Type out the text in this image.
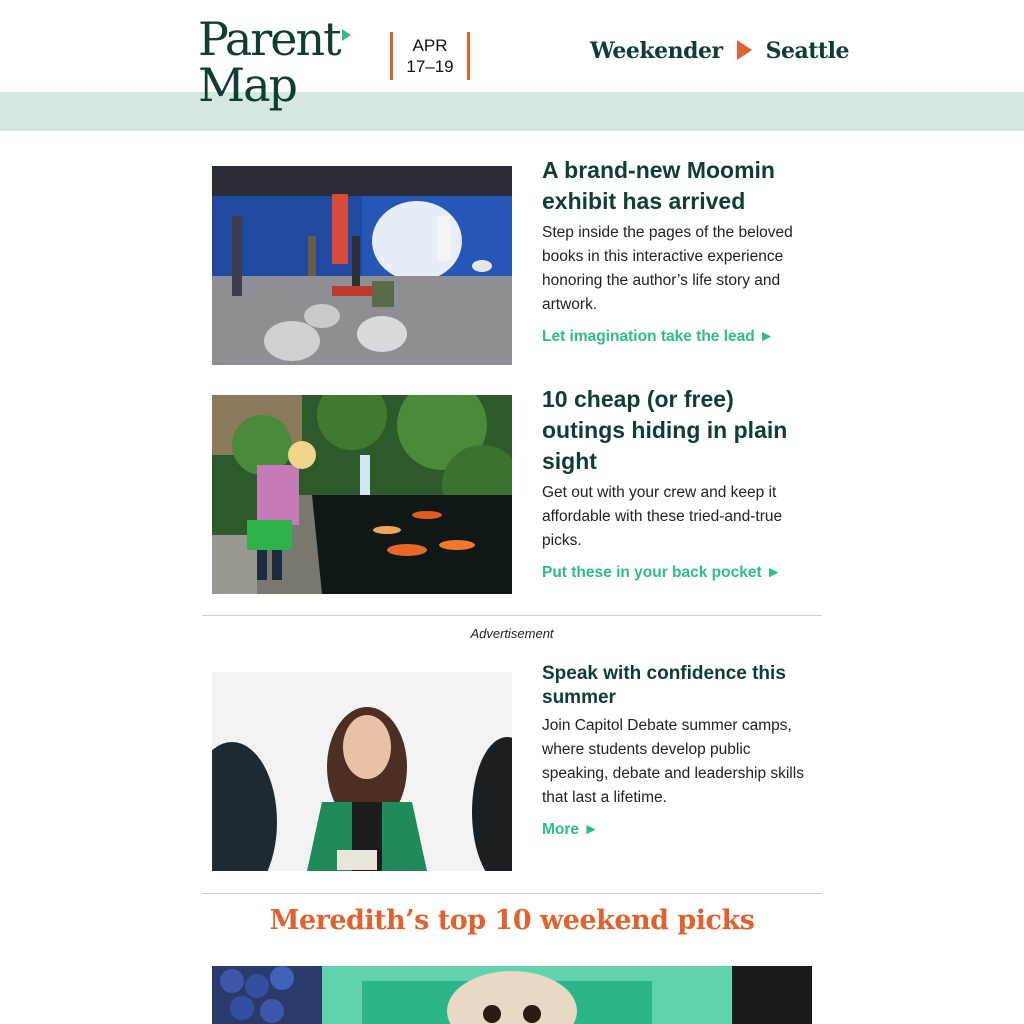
Parent
Map
APR
17–19
Weekender Seattle
A brand-new Moomin exhibit has arrived
Step inside the pages of the beloved books in this interactive experience honoring the author’s life story and artwork.
Let imagination take the lead ►
10 cheap (or free) outings hiding in plain sight
Get out with your crew and keep it affordable with these tried-and-true picks.
Put these in your back pocket ►
Advertisement
Speak with confidence this summer
Join Capitol Debate summer camps, where students develop public speaking, debate and leadership skills that last a lifetime.
More ►
Meredith’s top 10 weekend picks
